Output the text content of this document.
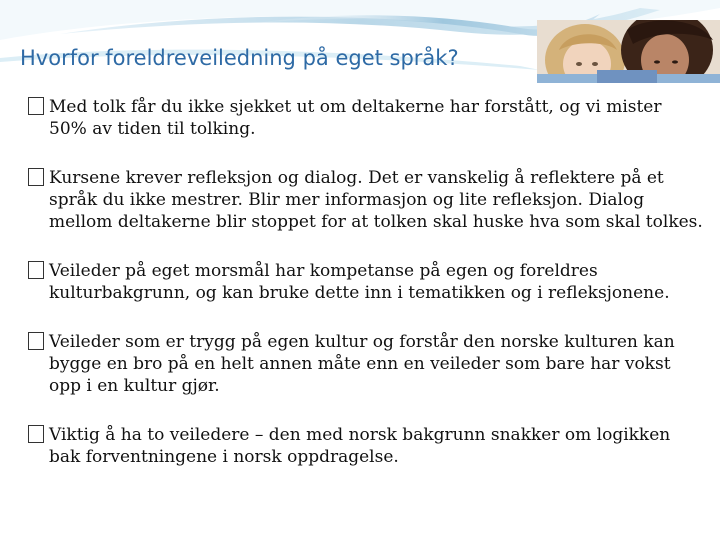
Hvorfor foreldreveiledning på eget språk?
Med tolk får du ikke sjekket ut om deltakerne har forstått, og vi mister 50% av tiden til tolking.
Kursene krever refleksjon og dialog. Det er vanskelig å reflektere på et språk du ikke mestrer. Blir mer informasjon og lite refleksjon. Dialog mellom deltakerne blir stoppet for at tolken skal huske hva som skal tolkes.
Veileder på eget morsmål har kompetanse på egen og foreldres kulturbakgrunn, og kan bruke dette inn i tematikken og i refleksjonene.
Veileder som er trygg på egen kultur og forstår den norske kulturen kan bygge en bro på en helt annen måte enn en veileder som bare har vokst opp i en kultur gjør.
Viktig å ha to veiledere – den med norsk bakgrunn snakker om logikken bak forventningene i norsk oppdragelse.
